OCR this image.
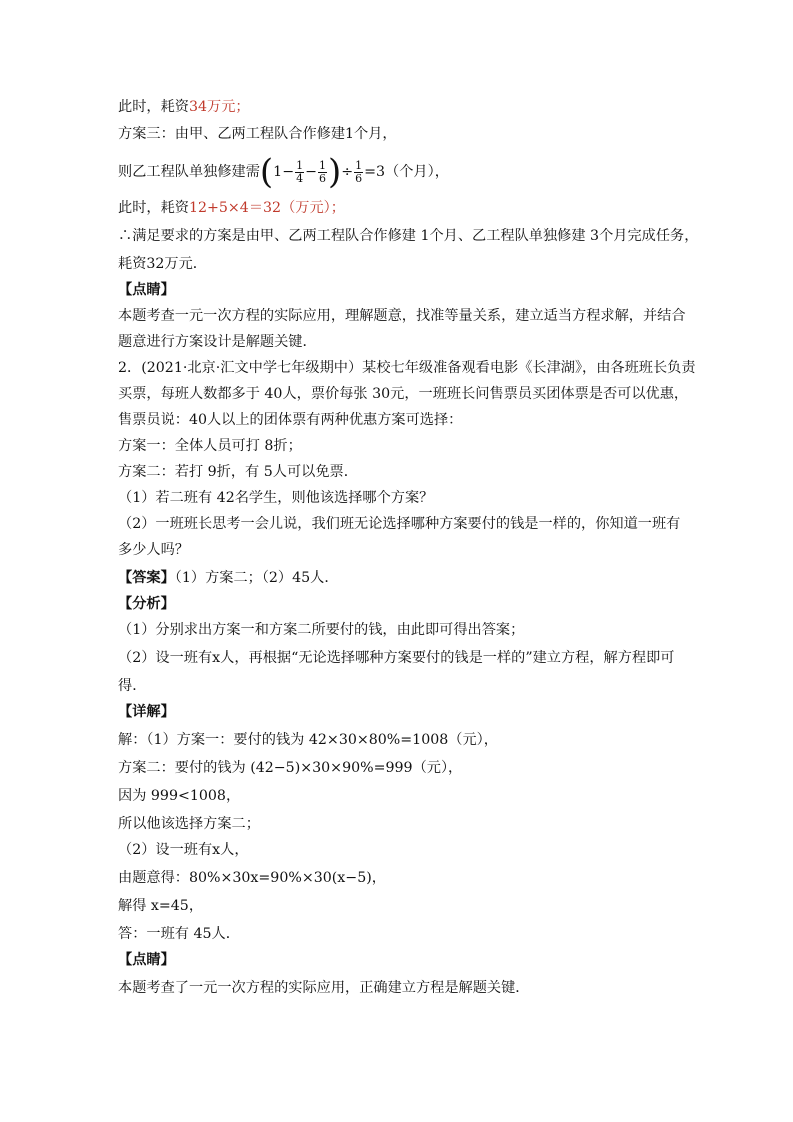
此时，耗资34万元；
方案三：由甲、乙两工程队合作修建1个月，
则乙工程队单独修建需($1- \frac{1}{4} - \frac{1}{6}$ )÷ $\frac{1}{6} =3$（个月），
此时，耗资12+5×4＝32（万元）；
∴满足要求的方案是由甲、乙两工程队合作修建 1个月、乙工程队单独修建 3个月完成任务，
耗资32万元．
【点睛】
本题考查一元一次方程的实际应用，理解题意，找准等量关系，建立适当方程求解，并结合
题意进行方案设计是解题关键．
2．(2021·北京·汇文中学七年级期中）某校七年级准备观看电影《长津湖》，由各班班长负责
买票，每班人数都多于 40人，票价每张 30元，一班班长问售票员买团体票是否可以优惠，
售票员说：40人以上的团体票有两种优惠方案可选择：
方案一：全体人员可打 8折；
方案二：若打 9折，有 5人可以免票．
（1）若二班有 42名学生，则他该选择哪个方案？
（2）一班班长思考一会儿说，我们班无论选择哪种方案要付的钱是一样的，你知道一班有
多少人吗？
【答案】（1）方案二；（2）45人．
【分析】
（1）分别求出方案一和方案二所要付的钱，由此即可得出答案；
（2）设一班有x人，再根据“无论选择哪种方案要付的钱是一样的”建立方程，解方程即可
得．
【详解】
解：（1）方案一：要付的钱为 42×30×80%=1008（元），
方案二：要付的钱为 (42−5)×30×90%=999（元），
因为 999<1008，
所以他该选择方案二；
（2）设一班有x人，
由题意得：80%×30x=90%×30(x−5)，
解得 x=45，
答：一班有 45人．
【点睛】
本题考查了一元一次方程的实际应用，正确建立方程是解题关键．
